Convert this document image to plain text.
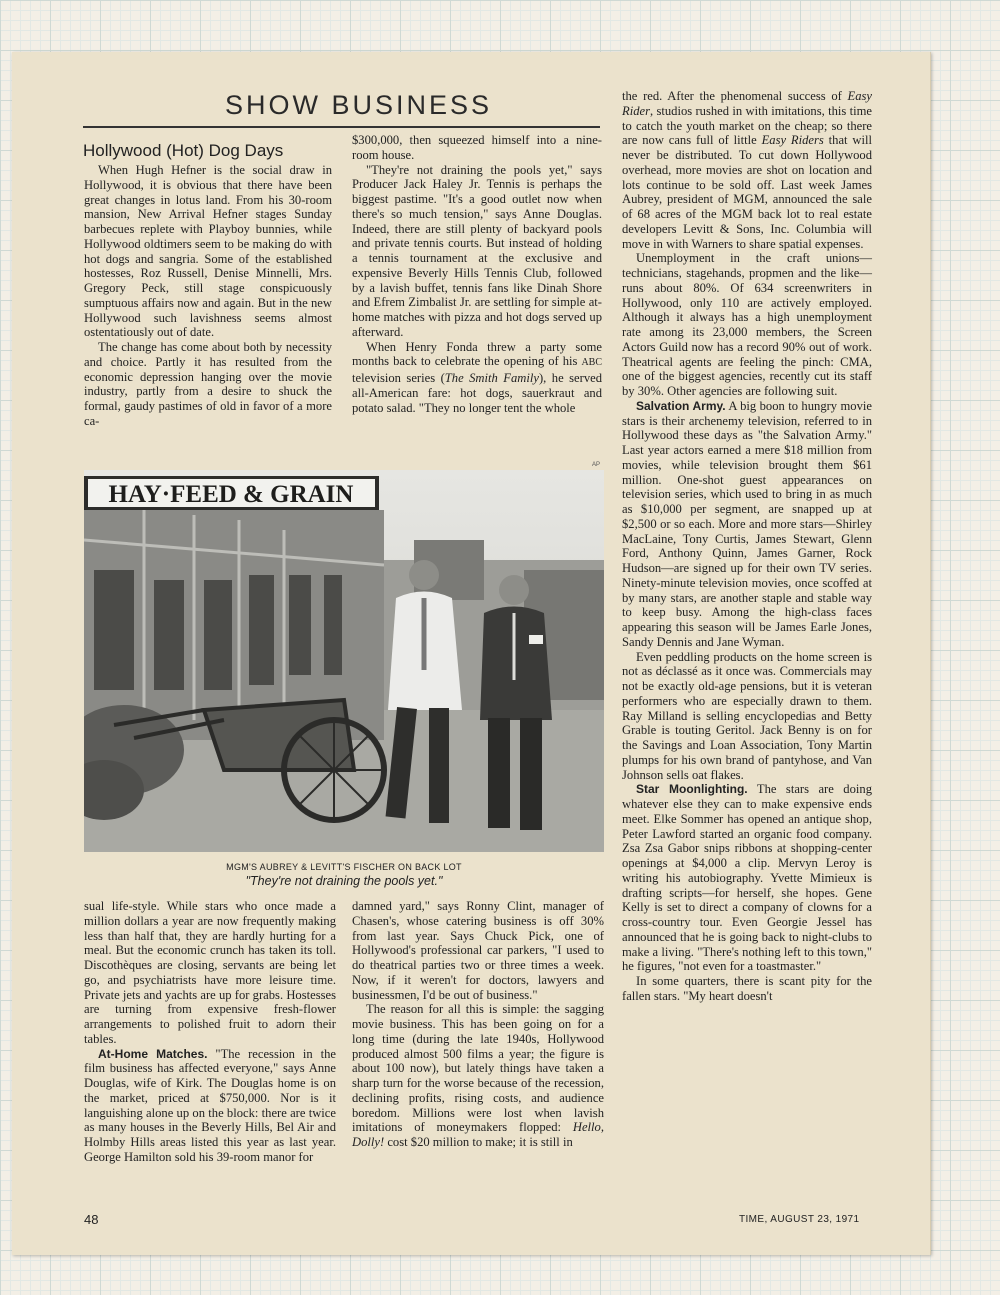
SHOW BUSINESS
Hollywood (Hot) Dog Days

When Hugh Hefner is the social draw in Hollywood, it is obvious that there have been great changes in lotus land. From his 30-room mansion, New Arrival Hefner stages Sunday barbecues replete with Playboy bunnies, while Hollywood oldtimers seem to be making do with hot dogs and sangria. Some of the established hostesses, Roz Russell, Denise Minnelli, Mrs. Gregory Peck, still stage conspicuously sumptuous affairs now and again. But in the new Hollywood such lavishness seems almost ostentatiously out of date.

The change has come about both by necessity and choice. Partly it has resulted from the economic depression hanging over the movie industry, partly from a desire to shuck the formal, gaudy pastimes of old in favor of a more ca-

$300,000, then squeezed himself into a nine-room house.

"They're not draining the pools yet," says Producer Jack Haley Jr. Tennis is perhaps the biggest pastime. "It's a good outlet now when there's so much tension," says Anne Douglas. Indeed, there are still plenty of backyard pools and private tennis courts. But instead of holding a tennis tournament at the exclusive and expensive Beverly Hills Tennis Club, followed by a lavish buffet, tennis fans like Dinah Shore and Efrem Zimbalist Jr. are settling for simple at-home matches with pizza and hot dogs served up afterward.

When Henry Fonda threw a party some months back to celebrate the opening of his ABC television series (The Smith Family), he served all-American fare: hot dogs, sauerkraut and potato salad. "They no longer tent the whole

AP
HAY·FEED & GRAIN
MGM'S AUBREY & LEVITT'S FISCHER ON BACK LOT
"They're not draining the pools yet."

sual life-style. While stars who once made a million dollars a year are now frequently making less than half that, they are hardly hurting for a meal. But the economic crunch has taken its toll. Discothèques are closing, servants are being let go, and psychiatrists have more leisure time. Private jets and yachts are up for grabs. Hostesses are turning from expensive fresh-flower arrangements to polished fruit to adorn their tables.

At-Home Matches. "The recession in the film business has affected everyone," says Anne Douglas, wife of Kirk. The Douglas home is on the market, priced at $750,000. Nor is it languishing alone up on the block: there are twice as many houses in the Beverly Hills, Bel Air and Holmby Hills areas listed this year as last year. George Hamilton sold his 39-room manor for

damned yard," says Ronny Clint, manager of Chasen's, whose catering business is off 30% from last year. Says Chuck Pick, one of Hollywood's professional car parkers, "I used to do theatrical parties two or three times a week. Now, if it weren't for doctors, lawyers and businessmen, I'd be out of business."

The reason for all this is simple: the sagging movie business. This has been going on for a long time (during the late 1940s, Hollywood produced almost 500 films a year; the figure is about 100 now), but lately things have taken a sharp turn for the worse because of the recession, declining profits, rising costs, and audience boredom. Millions were lost when lavish imitations of moneymakers flopped: Hello, Dolly! cost $20 million to make; it is still in

the red. After the phenomenal success of Easy Rider, studios rushed in with imitations, this time to catch the youth market on the cheap; so there are now cans full of little Easy Riders that will never be distributed. To cut down Hollywood overhead, more movies are shot on location and lots continue to be sold off. Last week James Aubrey, president of MGM, announced the sale of 68 acres of the MGM back lot to real estate developers Levitt & Sons, Inc. Columbia will move in with Warners to share spatial expenses.

Unemployment in the craft unions—technicians, stagehands, propmen and the like—runs about 80%. Of 634 screenwriters in Hollywood, only 110 are actively employed. Although it always has a high unemployment rate among its 23,000 members, the Screen Actors Guild now has a record 90% out of work. Theatrical agents are feeling the pinch: CMA, one of the biggest agencies, recently cut its staff by 30%. Other agencies are following suit.

Salvation Army. A big boon to hungry movie stars is their archenemy television, referred to in Hollywood these days as "the Salvation Army." Last year actors earned a mere $18 million from movies, while television brought them $61 million. One-shot guest appearances on television series, which used to bring in as much as $10,000 per segment, are snapped up at $2,500 or so each. More and more stars—Shirley MacLaine, Tony Curtis, James Stewart, Glenn Ford, Anthony Quinn, James Garner, Rock Hudson—are signed up for their own TV series. Ninety-minute television movies, once scoffed at by many stars, are another staple and stable way to keep busy. Among the high-class faces appearing this season will be James Earle Jones, Sandy Dennis and Jane Wyman.

Even peddling products on the home screen is not as déclassé as it once was. Commercials may not be exactly old-age pensions, but it is veteran performers who are especially drawn to them. Ray Milland is selling encyclopedias and Betty Grable is touting Geritol. Jack Benny is on for the Savings and Loan Association, Tony Martin plumps for his own brand of pantyhose, and Van Johnson sells oat flakes.

Star Moonlighting. The stars are doing whatever else they can to make expensive ends meet. Elke Sommer has opened an antique shop, Peter Lawford started an organic food company. Zsa Zsa Gabor snips ribbons at shopping-center openings at $4,000 a clip. Mervyn Leroy is writing his autobiography. Yvette Mimieux is drafting scripts—for herself, she hopes. Gene Kelly is set to direct a company of clowns for a cross-country tour. Even Georgie Jessel has announced that he is going back to night-clubs to make a living. "There's nothing left to this town," he figures, "not even for a toastmaster."

In some quarters, there is scant pity for the fallen stars. "My heart doesn't

48	TIME, AUGUST 23, 1971
